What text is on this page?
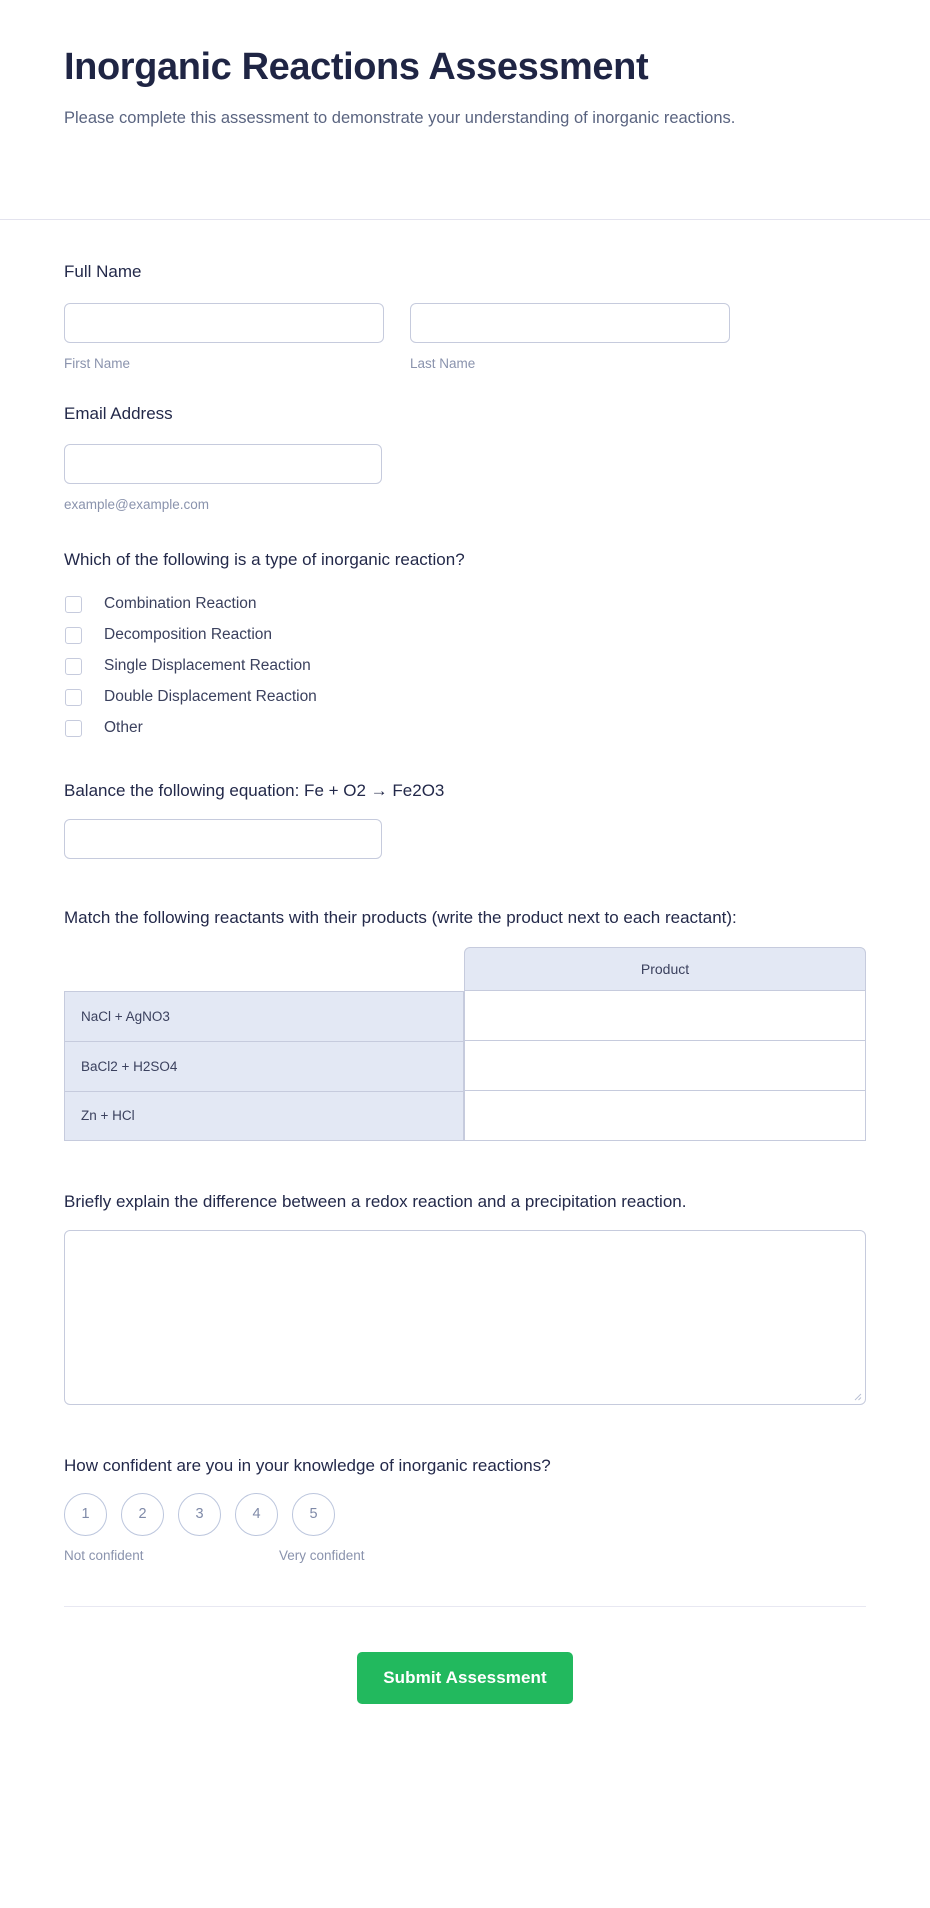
Inorganic Reactions Assessment

Please complete this assessment to demonstrate your understanding of inorganic reactions.

Full Name
First Name	Last Name
Email Address
example@example.com
Which of the following is a type of inorganic reaction?
Combination Reaction
Decomposition Reaction
Single Displacement Reaction
Double Displacement Reaction
Other
Balance the following equation: Fe + O2 → Fe2O3
Match the following reactants with their products (write the product next to each reactant):
	Product
NaCl + AgNO3	
BaCl2 + H2SO4	
Zn + HCl	
Briefly explain the difference between a redox reaction and a precipitation reaction.
How confident are you in your knowledge of inorganic reactions?
1	2	3	4	5
Not confident	Very confident
Submit Assessment
